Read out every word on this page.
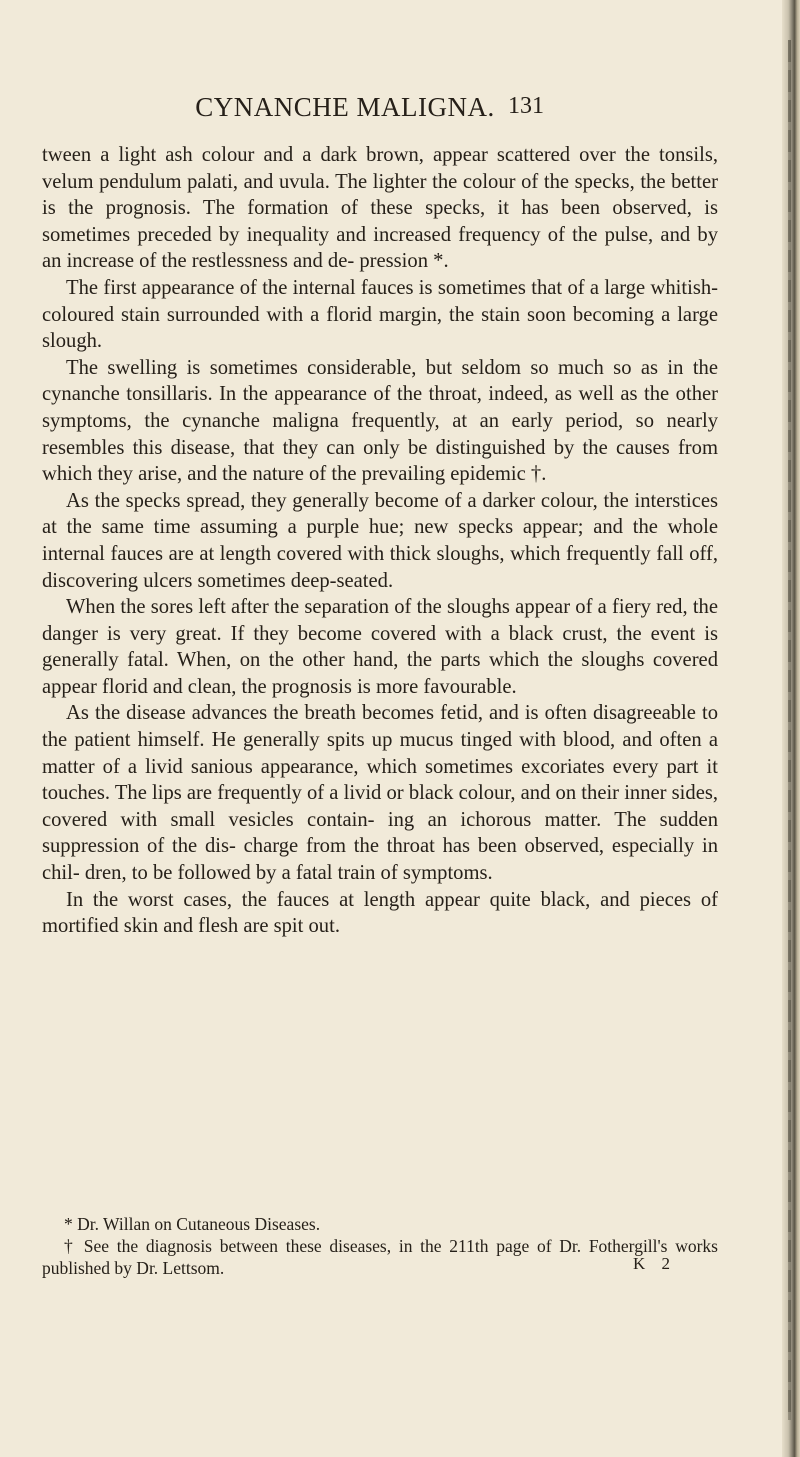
CYNANCHE MALIGNA. 131

tween a light ash colour and a dark brown, appear scattered over the tonsils, velum pendulum palati, and uvula. The lighter the colour of the specks, the better is the prognosis. The formation of these specks, it has been observed, is sometimes preceded by inequality and increased frequency of the pulse, and by an increase of the restlessness and de- pression *.

The first appearance of the internal fauces is sometimes that of a large whitish-coloured stain surrounded with a florid margin, the stain soon becoming a large slough.

The swelling is sometimes considerable, but seldom so much so as in the cynanche tonsillaris. In the appearance of the throat, indeed, as well as the other symptoms, the cynanche maligna frequently, at an early period, so nearly resembles this disease, that they can only be distinguished by the causes from which they arise, and the nature of the prevailing epidemic †.

As the specks spread, they generally become of a darker colour, the interstices at the same time assuming a purple hue; new specks appear; and the whole internal fauces are at length covered with thick sloughs, which frequently fall off, discovering ulcers sometimes deep-seated.

When the sores left after the separation of the sloughs appear of a fiery red, the danger is very great. If they become covered with a black crust, the event is generally fatal. When, on the other hand, the parts which the sloughs covered appear florid and clean, the prognosis is more favourable.

As the disease advances the breath becomes fetid, and is often disagreeable to the patient himself. He generally spits up mucus tinged with blood, and often a matter of a livid sanious appearance, which sometimes excoriates every part it touches. The lips are frequently of a livid or black colour, and on their inner sides, covered with small vesicles contain- ing an ichorous matter. The sudden suppression of the dis- charge from the throat has been observed, especially in chil- dren, to be followed by a fatal train of symptoms.

In the worst cases, the fauces at length appear quite black, and pieces of mortified skin and flesh are spit out.

* Dr. Willan on Cutaneous Diseases.

† See the diagnosis between these diseases, in the 211th page of Dr. Fothergill's works published by Dr. Lettsom.	K 2
